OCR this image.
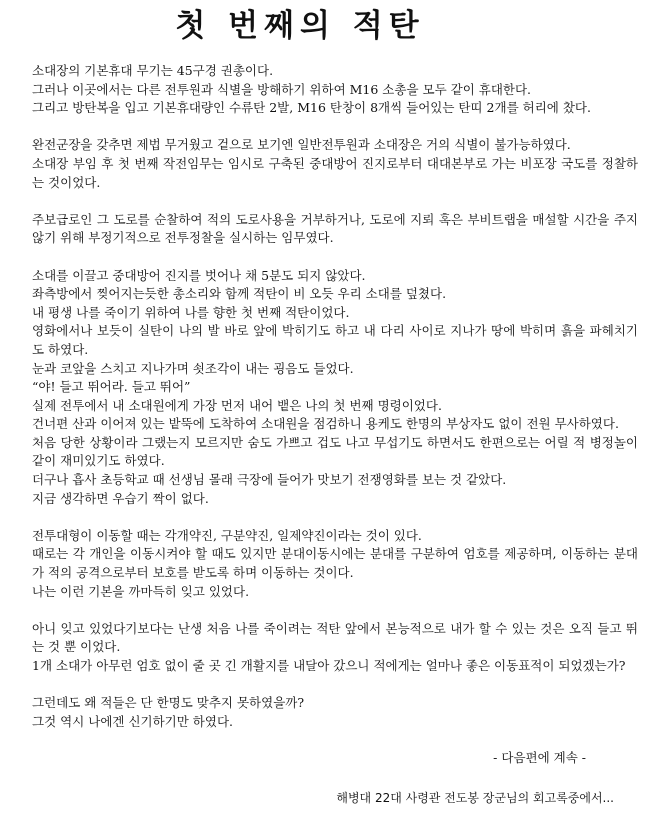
첫 번째의 적탄

소대장의 기본휴대 무기는 45구경 권총이다.
그러나 이곳에서는 다른 전투원과 식별을 방해하기 위하여 M16 소총을 모두 같이 휴대한다.
그리고 방탄복을 입고 기본휴대량인 수류탄 2발, M16 탄창이 8개씩 들어있는 탄띠 2개를 허리에 찼다.

완전군장을 갖추면 제법 무거웠고 겉으로 보기엔 일반전투원과 소대장은 거의 식별이 불가능하였다.
소대장 부임 후 첫 번째 작전임무는 임시로 구축된 중대방어 진지로부터 대대본부로 가는 비포장 국도를 정찰하는 것이었다.

주보급로인 그 도로를 순찰하여 적의 도로사용을 거부하거나, 도로에 지뢰 혹은 부비트랩을 매설할 시간을 주지 않기 위해 부정기적으로 전투정찰을 실시하는 임무였다.

소대를 이끌고 중대방어 진지를 벗어나 채 5분도 되지 않았다.
좌측방에서 찢어지는듯한 총소리와 함께 적탄이 비 오듯 우리 소대를 덮쳤다.
내 평생 나를 죽이기 위하여 나를 향한 첫 번째 적탄이었다.
영화에서나 보듯이 실탄이 나의 발 바로 앞에 박히기도 하고 내 다리 사이로 지나가 땅에 박히며 흙을 파헤치기도 하였다.
눈과 코앞을 스치고 지나가며 쇳조각이 내는 굉음도 들었다.
“야! 들고 뛰어라. 들고 뛰어”
실제 전투에서 내 소대원에게 가장 먼저 내어 뱉은 나의 첫 번째 명령이었다.
건너편 산과 이어져 있는 밭뚝에 도착하여 소대원을 점검하니 용케도 한명의 부상자도 없이 전원 무사하였다.
처음 당한 상황이라 그랬는지 모르지만 숨도 가쁘고 겁도 나고 무섭기도 하면서도 한편으로는 어릴 적 병정놀이 같이 재미있기도 하였다.
더구나 흡사 초등학교 때 선생님 몰래 극장에 들어가 맛보기 전쟁영화를 보는 것 같았다.
지금 생각하면 우습기 짝이 없다.

전투대형이 이동할 때는 각개약진, 구분약진, 일제약진이라는 것이 있다.
때로는 각 개인을 이동시켜야 할 때도 있지만 분대이동시에는 분대를 구분하여 엄호를 제공하며, 이동하는 분대가 적의 공격으로부터 보호를 받도록 하며 이동하는 것이다.
나는 이런 기본을 까마득히 잊고 있었다.

아니 잊고 있었다기보다는 난생 처음 나를 죽이려는 적탄 앞에서 본능적으로 내가 할 수 있는 것은 오직 들고 뛰는 것 뿐 이었다.
1개 소대가 아무런 엄호 없이 줄 곳 긴 개활지를 내달아 갔으니 적에게는 얼마나 좋은 이동표적이 되었겠는가?

그런데도 왜 적들은 단 한명도 맞추지 못하였을까?
그것 역시 나에겐 신기하기만 하였다.

- 다음편에 계속 -
해병대 22대 사령관 전도봉 장군님의 회고록중에서...
